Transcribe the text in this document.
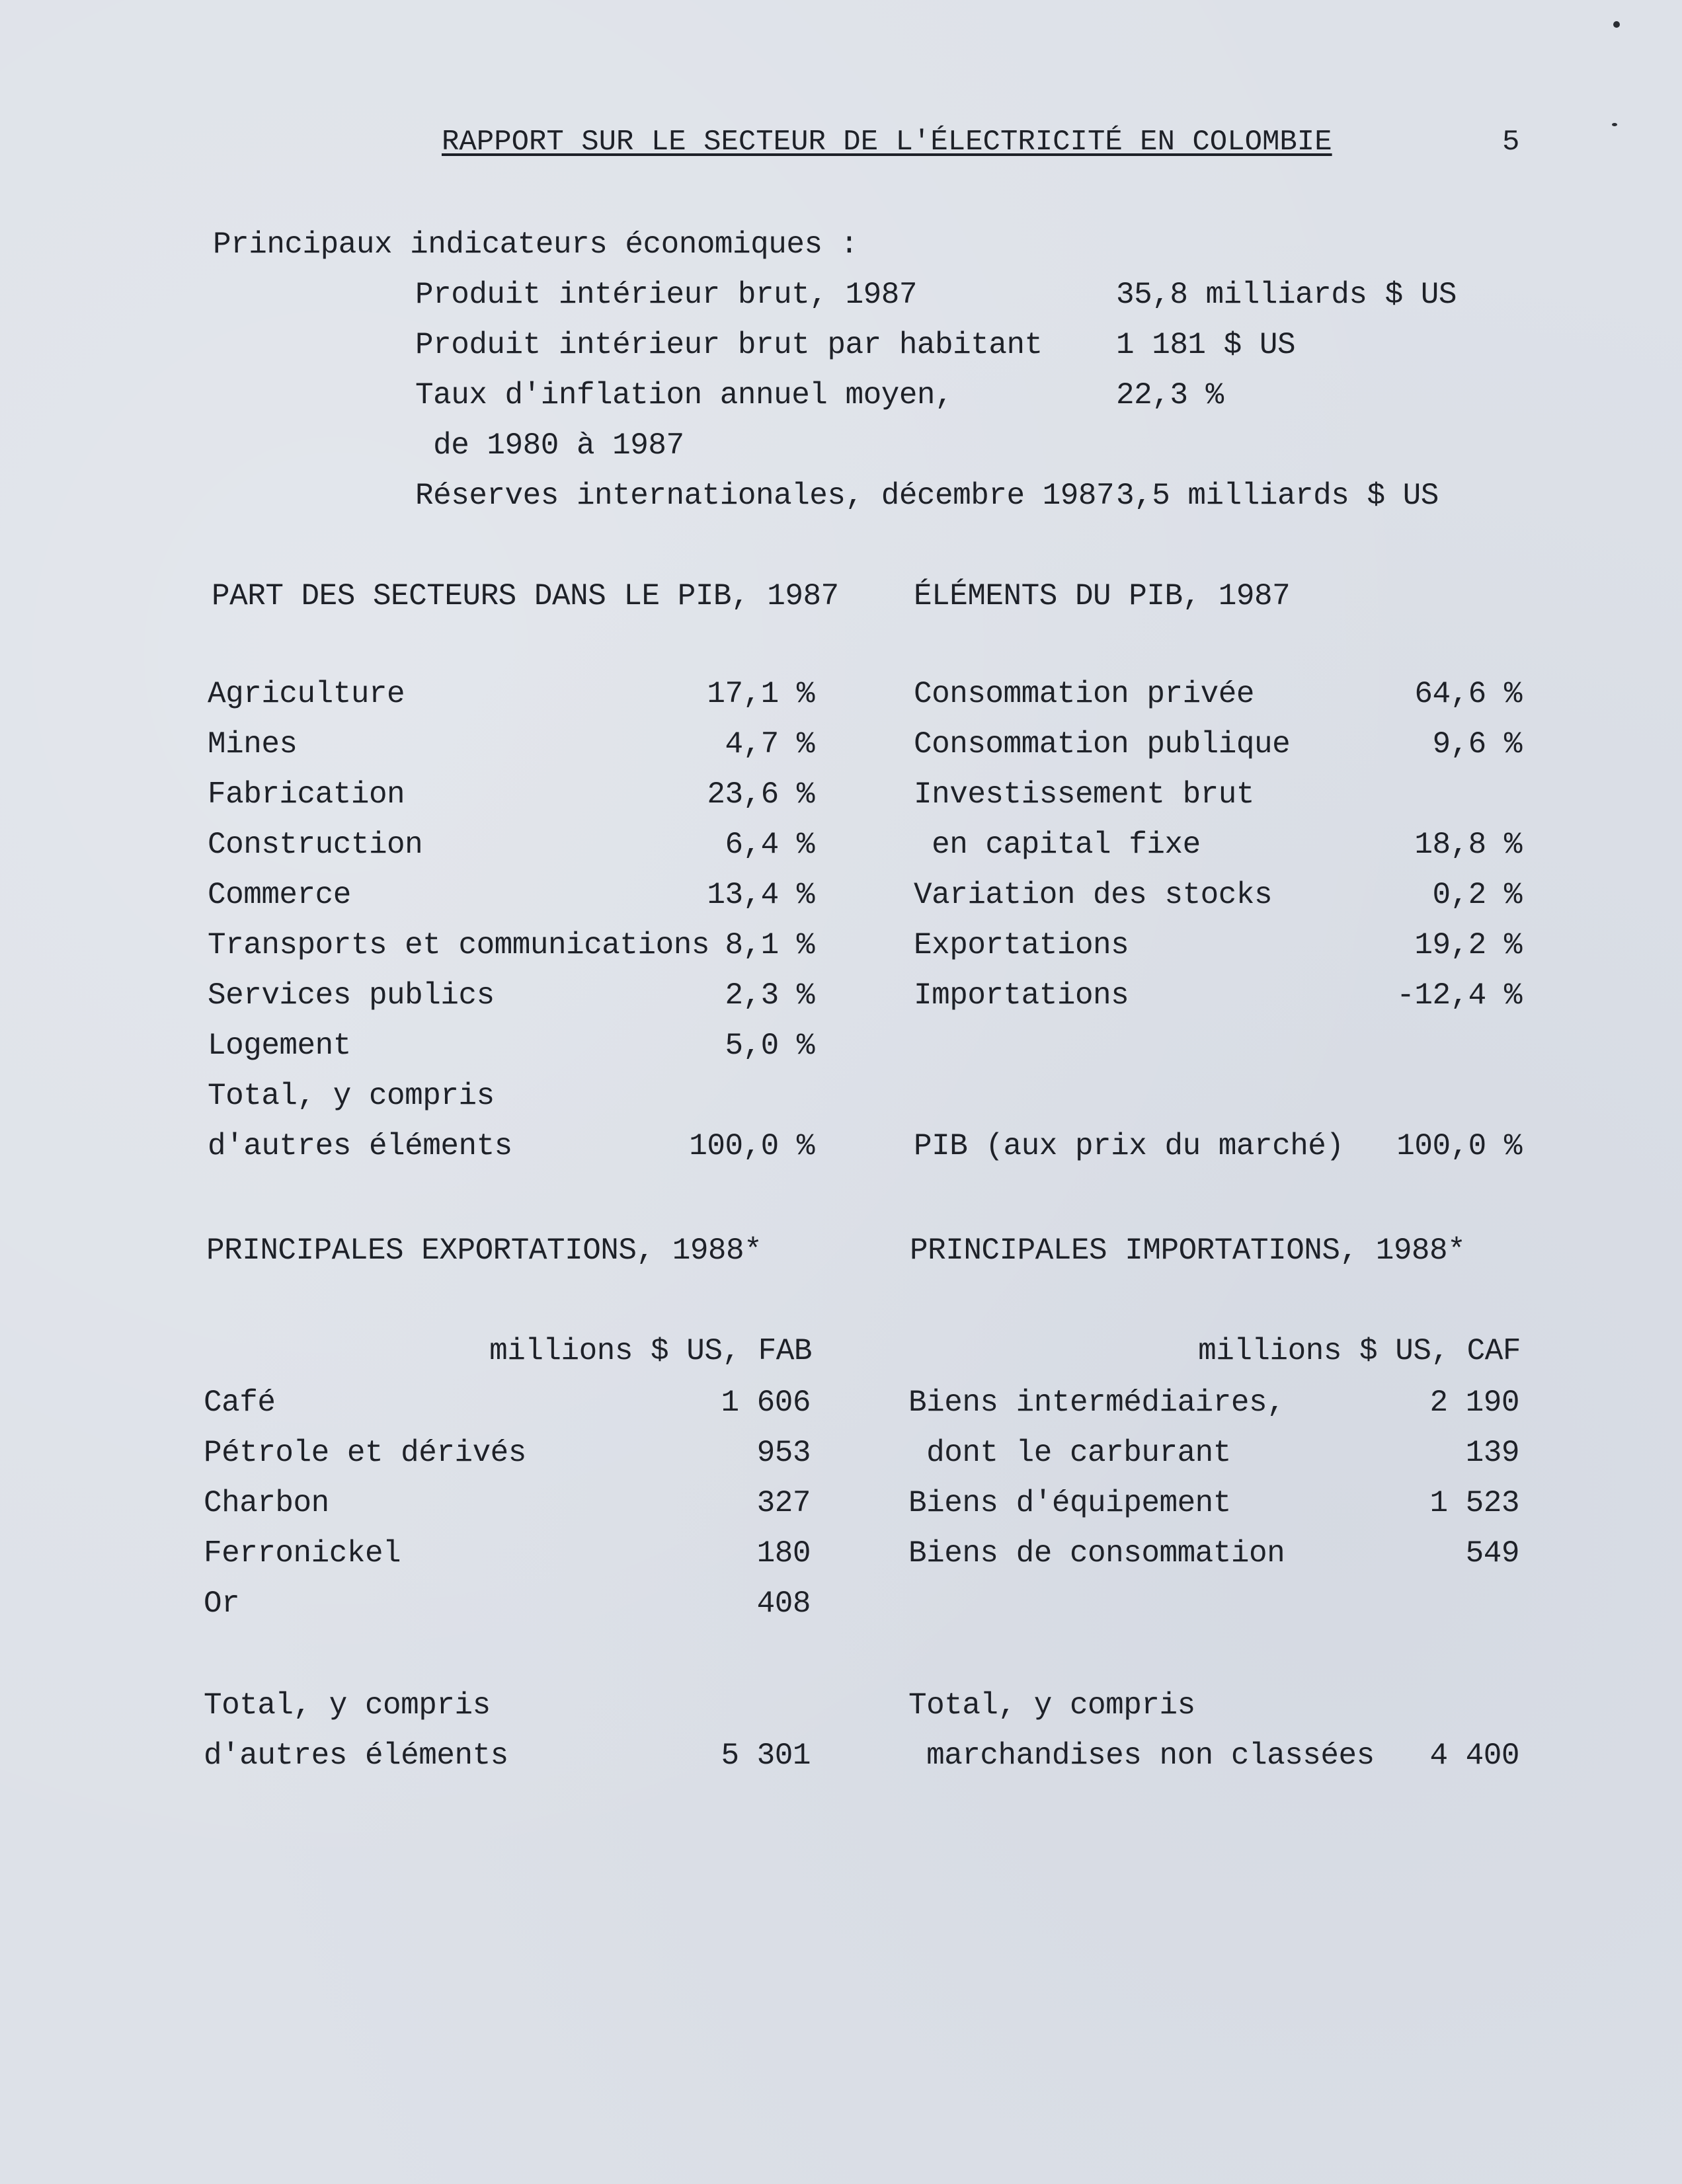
RAPPORT SUR LE SECTEUR DE L'ÉLECTRICITÉ EN COLOMBIE	5
Principaux indicateurs économiques :
Produit intérieur brut, 1987	35,8 milliards $ US
Produit intérieur brut par habitant 1 181 $ US
Taux d'inflation annuel moyen,	22,3 %
de 1980 à 1987
Réserves internationales, décembre 1987 3,5 milliards $ US
PART DES SECTEURS DANS LE PIB, 1987 ÉLÉMENTS DU PIB, 1987
Agriculture	17,1 %
Mines	4,7 %
Fabrication	23,6 %
Construction	6,4 %
Commerce	13,4 %
Transports et communications 8,1 %
Services publics	2,3 %
Logement	5,0 %
Total, y compris
d'autres éléments	100,0 %
Consommation privée	64,6 %
Consommation publique	9,6 %
Investissement brut
en capital fixe	18,8 %
Variation des stocks	0,2 %
Exportations	19,2 %
Importations	-12,4 %
PIB (aux prix du marché)	100,0 %
PRINCIPALES EXPORTATIONS, 1988*	PRINCIPALES IMPORTATIONS, 1988*
millions $ US, FAB	millions $ US, CAF
Café	1 606
Pétrole et dérivés	953
Charbon	327
Ferronickel	180
Or	408
Biens intermédiaires,	2 190
dont le carburant	139
Biens d'équipement	1 523
Biens de consommation	549
Total, y compris
d'autres éléments	5 301
Total, y compris
marchandises non classées	4 400
